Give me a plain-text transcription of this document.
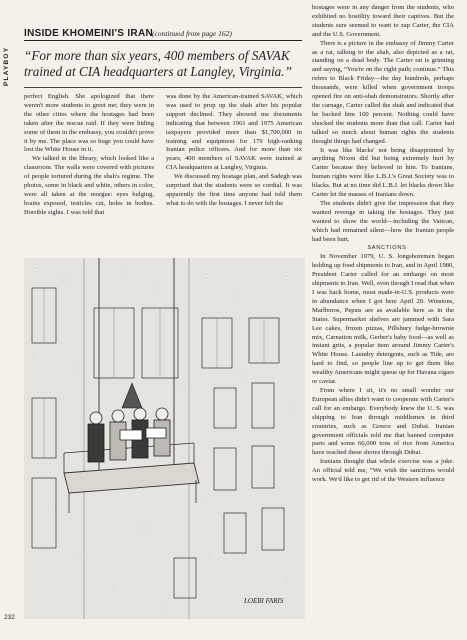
PLAYBOY
INSIDE KHOMEINI'S IRAN (continued from page 162)
“For more than six years, 400 members of SAVAK trained at CIA headquarters at Langley, Virginia.”

perfect English. She apologized that there weren't more students to greet me; they were in the other cities where the hostages had been taken after the rescue raid. If they were hiding some of them in the embassy, you couldn't prove it by me. The place was so huge you could have lost the White House in it.

We talked in the library, which looked like a classroom. The walls were covered with pictures of people tortured during the shah's regime. The photos, some in black and white, others in color, were all taken at the morgue: eyes bulging, brains exposed, testicles cut, holes in bodies. Horrible sights. I was told that

was done by the American-trained SAVAK, which was used to prop up the shah after his popular support declined. They showed me documents indicating that between 1961 and 1975 American taxpayers provided more than $1,700,000 in training and equipment for 179 high-ranking Iranian police officers. And for more than six years, 400 members of SAVAK were trained at CIA headquarters at Langley, Virginia.

We discussed my hostage plan, and Sadegh was surprised that the students were so cordial. It was apparently the first time anyone had told them what to do with the hostages. I never felt the

hostages were in any danger from the students, who exhibited no hostility toward their captives. But the students sure seemed to want to zap Carter, the CIA and the U.S. Government.

There is a picture in the embassy of Jimmy Carter as a rat, talking to the shah, also depicted as a rat, standing on a dead body. The Carter rat is grinning and saying, “You're on the right path; continue.” This refers to Black Friday—the day hundreds, perhaps thousands, were killed when government troops opened fire on anti-shah demonstrators. Shortly after the carnage, Carter called the shah and indicated that he backed him 100 percent. Nothing could have shocked the students more than that call. Carter had talked so much about human rights the students thought things had changed.

It was like blacks' not being disappointed by anything Nixon did but being extremely hurt by Carter because they believed in him. To Iranians, human rights were like L.B.J.'s Great Society was to blacks. But at no time did L.B.J. let blacks down like Carter let the masses of Iranians down.

The students didn't give the impression that they wanted revenge in taking the hostages. They just wanted to show the world—including the Vatican, which had remained silent—how the Iranian people had been hurt.

SANCTIONS

In November 1979, U. S. longshoremen began holding up food shipments to Iran, and in April 1980, President Carter called for an embargo on most shipments to Iran. Well, even though I read that when I was back home, most made-in-U.S. products were in abundance when I got here April 20. Winstons, Marlboros, Pepsis are as available here as in the States. Supermarket shelves are jammed with Sara Lee cakes, frozen pizzas, Pillsbury fudge-brownie mix, Carnation milk, Gerber's baby food—as well as instant grits, a popular item around Jimmy Carter's White House. Laundry detergents, such as Tide, are hard to find, so people line up to get them like wealthy Americans might queue up for Havana cigars or caviar.

From where I sit, it's no small wonder our European allies didn't want to cooperate with Carter's call for an embargo. Everybody knew the U. S. was shipping to Iran through middlemen in third countries, such as Greece and Dubai. Iranian government officials told me that banned computer parts and some 66,000 tons of rice from America have reached these shores through Dubai.

Iranians thought that whole exercise was a joke. An official told me, “We wish the sanctions would work. We'd like to get rid of the Western influence

LOEBI FARIS
232
